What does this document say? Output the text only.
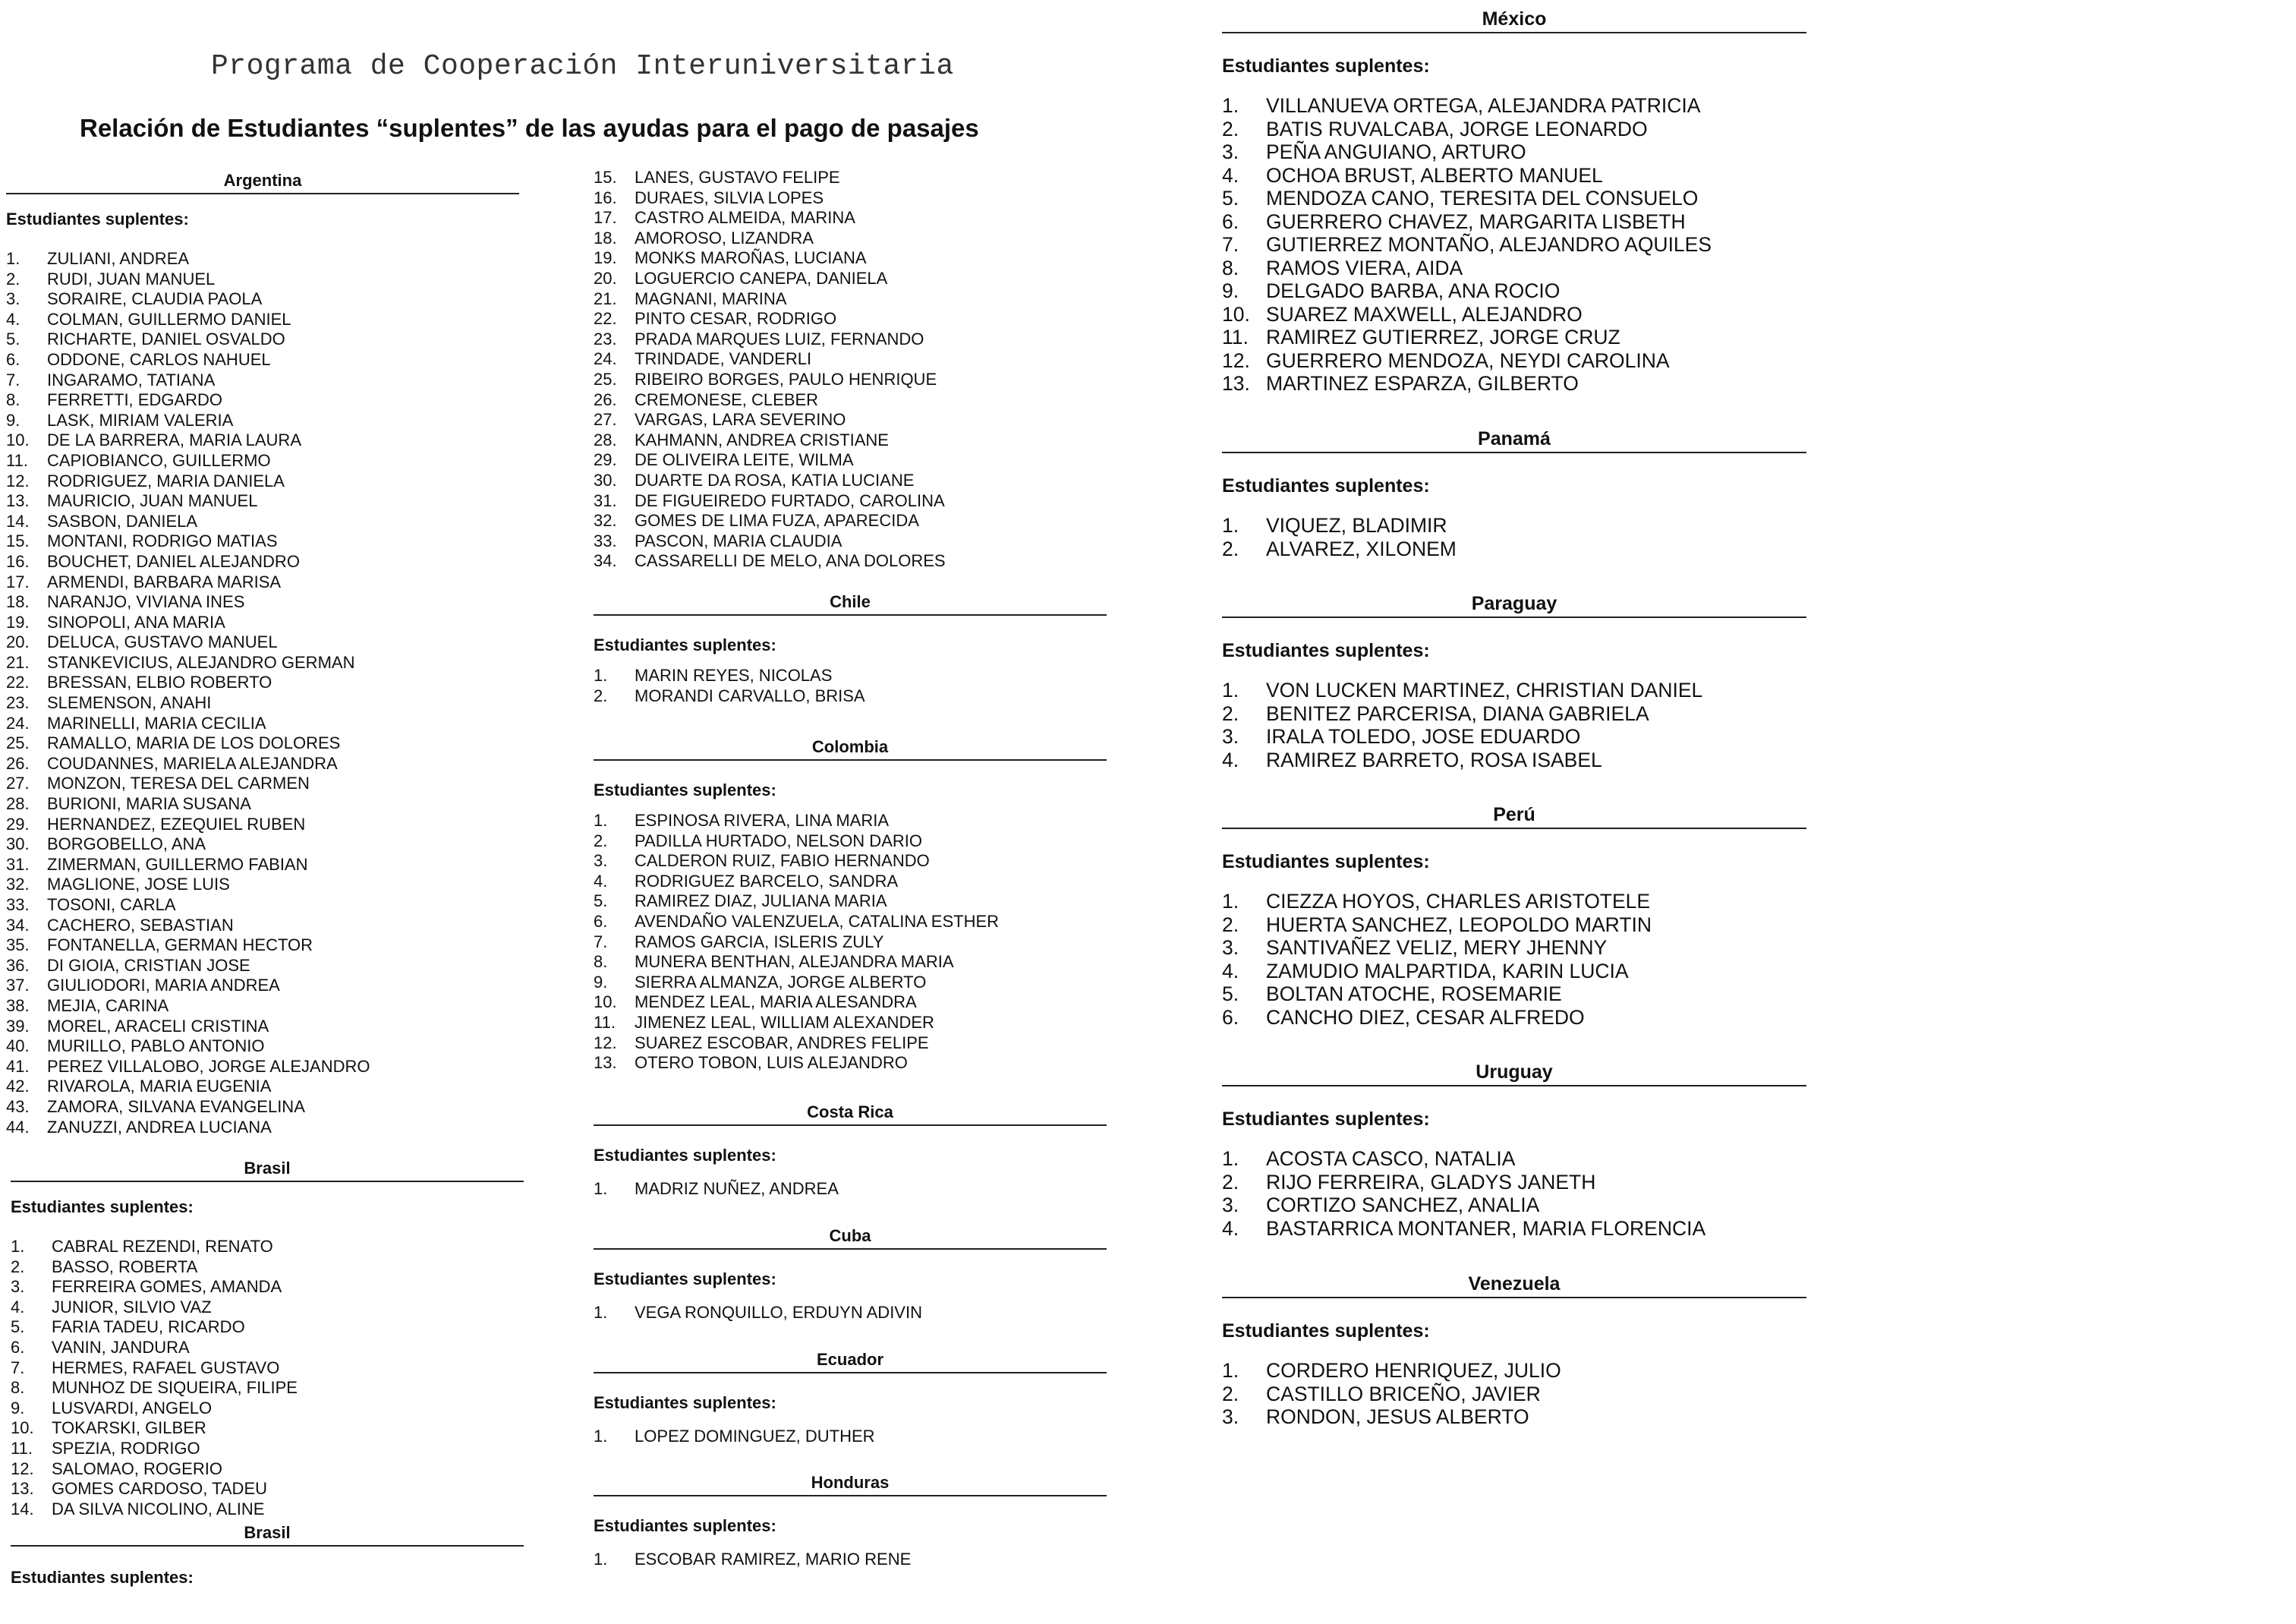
Programa de Cooperación Interuniversitaria
Relación de Estudiantes “suplentes” de las ayudas para el pago de pasajes
Argentina
Estudiantes suplentes:
1.	ZULIANI, ANDREA
2.	RUDI, JUAN MANUEL
3.	SORAIRE, CLAUDIA PAOLA
4.	COLMAN, GUILLERMO DANIEL
5.	RICHARTE, DANIEL OSVALDO
6.	ODDONE, CARLOS NAHUEL
7.	INGARAMO, TATIANA
8.	FERRETTI, EDGARDO
9.	LASK, MIRIAM VALERIA
10.	DE LA BARRERA, MARIA LAURA
11.	CAPIOBIANCO, GUILLERMO
12.	RODRIGUEZ, MARIA DANIELA
13.	MAURICIO, JUAN MANUEL
14.	SASBON, DANIELA
15.	MONTANI, RODRIGO MATIAS
16.	BOUCHET, DANIEL ALEJANDRO
17.	ARMENDI, BARBARA MARISA
18.	NARANJO, VIVIANA INES
19.	SINOPOLI, ANA MARIA
20.	DELUCA, GUSTAVO MANUEL
21.	STANKEVICIUS, ALEJANDRO GERMAN
22.	BRESSAN, ELBIO ROBERTO
23.	SLEMENSON, ANAHI
24.	MARINELLI, MARIA CECILIA
25.	RAMALLO, MARIA DE LOS DOLORES
26.	COUDANNES, MARIELA ALEJANDRA
27.	MONZON, TERESA DEL CARMEN
28.	BURIONI, MARIA SUSANA
29.	HERNANDEZ, EZEQUIEL RUBEN
30.	BORGOBELLO, ANA
31.	ZIMERMAN, GUILLERMO FABIAN
32.	MAGLIONE, JOSE LUIS
33.	TOSONI, CARLA
34.	CACHERO, SEBASTIAN
35.	FONTANELLA, GERMAN HECTOR
36.	DI GIOIA, CRISTIAN JOSE
37.	GIULIODORI, MARIA ANDREA
38.	MEJIA, CARINA
39.	MOREL, ARACELI CRISTINA
40.	MURILLO, PABLO ANTONIO
41.	PEREZ VILLALOBO, JORGE ALEJANDRO
42.	RIVAROLA, MARIA EUGENIA
43.	ZAMORA, SILVANA EVANGELINA
44.	ZANUZZI, ANDREA LUCIANA
Brasil
Estudiantes suplentes:
1.	CABRAL REZENDI, RENATO
2.	BASSO, ROBERTA
3.	FERREIRA GOMES, AMANDA
4.	JUNIOR, SILVIO VAZ
5.	FARIA TADEU, RICARDO
6.	VANIN, JANDURA
7.	HERMES, RAFAEL GUSTAVO
8.	MUNHOZ DE SIQUEIRA, FILIPE
9.	LUSVARDI, ANGELO
10.	TOKARSKI, GILBER
11.	SPEZIA, RODRIGO
12.	SALOMAO, ROGERIO
13.	GOMES CARDOSO, TADEU
14.	DA SILVA NICOLINO, ALINE
Brasil
Estudiantes suplentes:
15.	LANES, GUSTAVO FELIPE
16.	DURAES, SILVIA LOPES
17.	CASTRO ALMEIDA, MARINA
18.	AMOROSO, LIZANDRA
19.	MONKS MAROÑAS, LUCIANA
20.	LOGUERCIO CANEPA, DANIELA
21.	MAGNANI, MARINA
22.	PINTO CESAR, RODRIGO
23.	PRADA MARQUES LUIZ, FERNANDO
24.	TRINDADE, VANDERLI
25.	RIBEIRO BORGES, PAULO HENRIQUE
26.	CREMONESE, CLEBER
27.	VARGAS, LARA SEVERINO
28.	KAHMANN, ANDREA CRISTIANE
29.	DE OLIVEIRA LEITE, WILMA
30.	DUARTE DA ROSA, KATIA LUCIANE
31.	DE FIGUEIREDO FURTADO, CAROLINA
32.	GOMES DE LIMA FUZA, APARECIDA
33.	PASCON, MARIA CLAUDIA
34.	CASSARELLI DE MELO, ANA DOLORES
Chile
Estudiantes suplentes:
1.	MARIN REYES, NICOLAS
2.	MORANDI CARVALLO, BRISA
Colombia
Estudiantes suplentes:
1.	ESPINOSA RIVERA, LINA MARIA
2.	PADILLA HURTADO, NELSON DARIO
3.	CALDERON RUIZ, FABIO HERNANDO
4.	RODRIGUEZ BARCELO, SANDRA
5.	RAMIREZ DIAZ, JULIANA MARIA
6.	AVENDAÑO VALENZUELA, CATALINA ESTHER
7.	RAMOS GARCIA, ISLERIS ZULY
8.	MUNERA BENTHAN, ALEJANDRA MARIA
9.	SIERRA ALMANZA, JORGE ALBERTO
10.	MENDEZ LEAL, MARIA ALESANDRA
11.	JIMENEZ LEAL, WILLIAM ALEXANDER
12.	SUAREZ ESCOBAR, ANDRES FELIPE
13.	OTERO TOBON, LUIS ALEJANDRO
Costa Rica
Estudiantes suplentes:
1.	MADRIZ NUÑEZ, ANDREA
Cuba
Estudiantes suplentes:
1.	VEGA RONQUILLO, ERDUYN ADIVIN
Ecuador
Estudiantes suplentes:
1.	LOPEZ DOMINGUEZ, DUTHER
Honduras
Estudiantes suplentes:
1.	ESCOBAR RAMIREZ, MARIO RENE
México
Estudiantes suplentes:
1.	VILLANUEVA ORTEGA, ALEJANDRA PATRICIA
2.	BATIS RUVALCABA, JORGE LEONARDO
3.	PEÑA ANGUIANO, ARTURO
4.	OCHOA BRUST, ALBERTO MANUEL
5.	MENDOZA CANO, TERESITA DEL CONSUELO
6.	GUERRERO CHAVEZ, MARGARITA LISBETH
7.	GUTIERREZ MONTAÑO, ALEJANDRO AQUILES
8.	RAMOS VIERA, AIDA
9.	DELGADO BARBA, ANA ROCIO
10. SUAREZ MAXWELL, ALEJANDRO
11. RAMIREZ GUTIERREZ, JORGE CRUZ
12. GUERRERO MENDOZA, NEYDI CAROLINA
13. MARTINEZ ESPARZA, GILBERTO
Panamá
Estudiantes suplentes:
1.	VIQUEZ, BLADIMIR
2.	ALVAREZ, XILONEM
Paraguay
Estudiantes suplentes:
1.	VON LUCKEN MARTINEZ, CHRISTIAN DANIEL
2.	BENITEZ PARCERISA, DIANA GABRIELA
3.	IRALA TOLEDO, JOSE EDUARDO
4.	RAMIREZ BARRETO, ROSA ISABEL
Perú
Estudiantes suplentes:
1.	CIEZZA HOYOS, CHARLES ARISTOTELE
2.	HUERTA SANCHEZ, LEOPOLDO MARTIN
3.	SANTIVAÑEZ VELIZ, MERY JHENNY
4.	ZAMUDIO MALPARTIDA, KARIN LUCIA
5.	BOLTAN ATOCHE, ROSEMARIE
6.	CANCHO DIEZ, CESAR ALFREDO
Uruguay
Estudiantes suplentes:
1.	ACOSTA CASCO, NATALIA
2.	RIJO FERREIRA, GLADYS JANETH
3.	CORTIZO SANCHEZ, ANALIA
4.	BASTARRICA MONTANER, MARIA FLORENCIA
Venezuela
Estudiantes suplentes:
1.	CORDERO HENRIQUEZ, JULIO
2.	CASTILLO BRICEÑO, JAVIER
3.	RONDON, JESUS ALBERTO
